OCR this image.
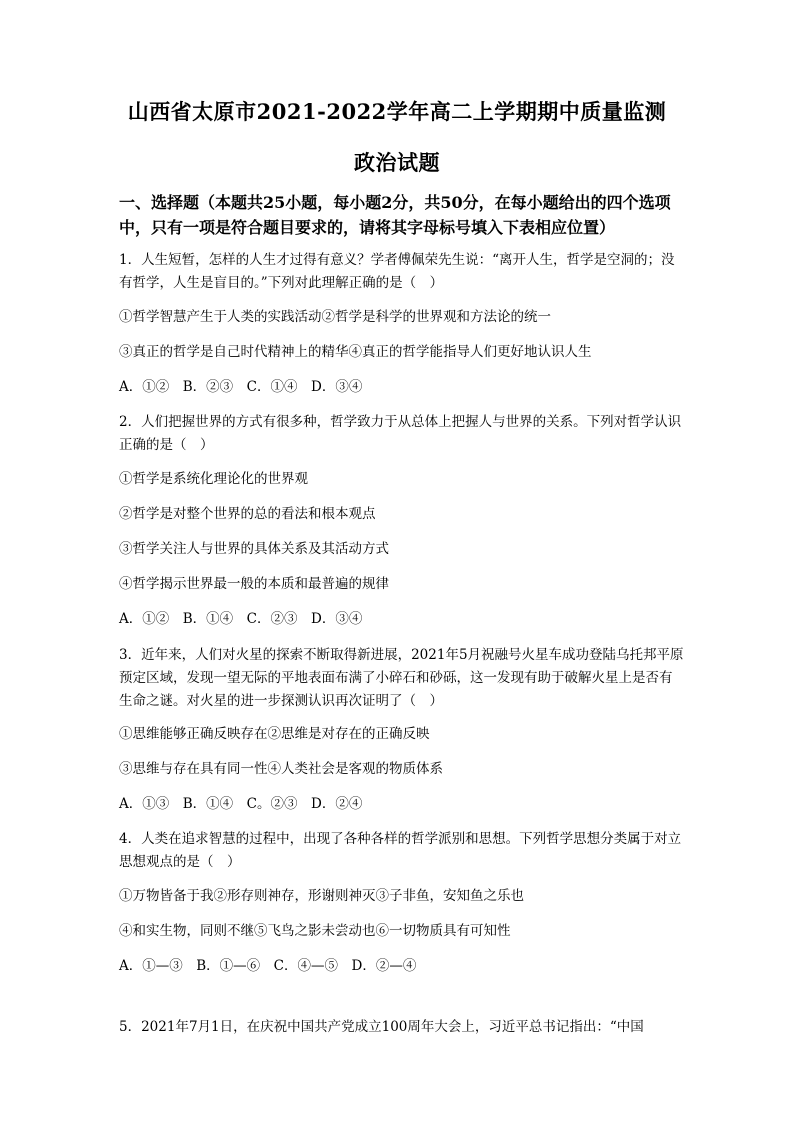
山西省太原市2021-2022学年高二上学期期中质量监测
政治试题
一、选择题（本题共25小题，每小题2分，共50分，在每小题给出的四个选项中，只有一项是符合题目要求的，请将其字母标号填入下表相应位置）
1．人生短暂，怎样的人生才过得有意义？学者傅佩荣先生说：“离开人生，哲学是空洞的；没有哲学，人生是盲目的。”下列对此理解正确的是（　）
①哲学智慧产生于人类的实践活动②哲学是科学的世界观和方法论的统一
③真正的哲学是自己时代精神上的精华④真正的哲学能指导人们更好地认识人生
A．①②　B．②③　C．①④　D．③④
2．人们把握世界的方式有很多种，哲学致力于从总体上把握人与世界的关系。下列对哲学认识正确的是（　）
①哲学是系统化理论化的世界观
②哲学是对整个世界的总的看法和根本观点
③哲学关注人与世界的具体关系及其活动方式
④哲学揭示世界最一般的本质和最普遍的规律
A．①②　B．①④　C．②③　D．③④
3．近年来，人们对火星的探索不断取得新进展，2021年5月祝融号火星车成功登陆乌托邦平原预定区域，发现一望无际的平地表面布满了小碎石和砂砾，这一发现有助于破解火星上是否有生命之谜。对火星的进一步探测认识再次证明了（　）
①思维能够正确反映存在②思维是对存在的正确反映
③思维与存在具有同一性④人类社会是客观的物质体系
A．①③　B．①④　C。②③　D．②④
4．人类在追求智慧的过程中，出现了各种各样的哲学派别和思想。下列哲学思想分类属于对立思想观点的是（　）
①万物皆备于我②形存则神存，形谢则神灭③子非鱼，安知鱼之乐也
④和实生物，同则不继⑤飞鸟之影未尝动也⑥一切物质具有可知性
A．①—③　B．①—⑥　C．④—⑤　D．②—④
5．2021年7月1日，在庆祝中国共产党成立100周年大会上，习近平总书记指出：“中国
